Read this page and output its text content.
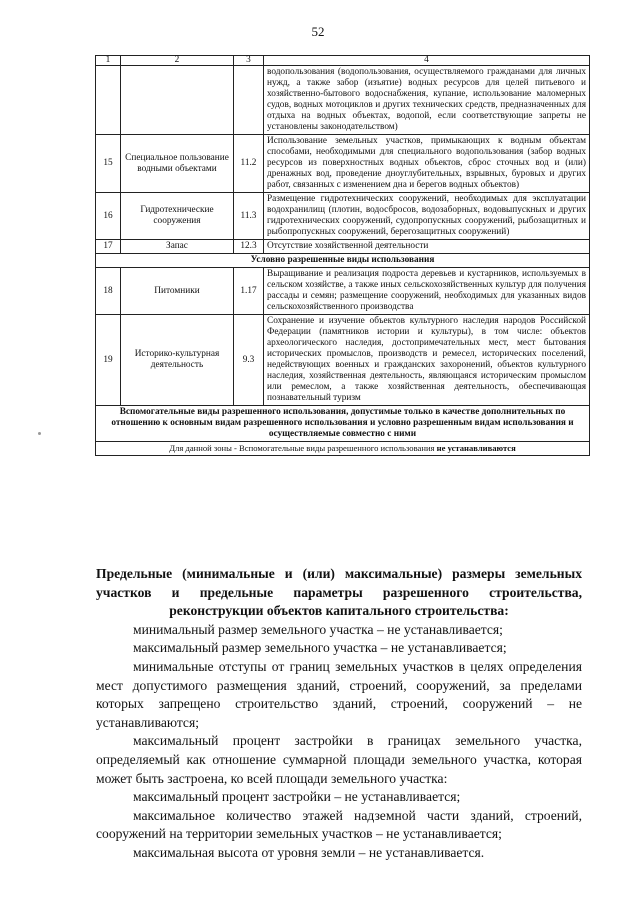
52
1	2	3	4
			водопользования (водопользования, осуществляемого гражданами для личных нужд, а также забор (изъятие) водных ресурсов для целей питьевого и хозяйственно-бытового водоснабжения, купание, использование маломерных судов, водных мотоциклов и других технических средств, предназначенных для отдыха на водных объектах, водопой, если соответствующие запреты не установлены законодательством)
15	Специальное пользование водными объектами	11.2	Использование земельных участков, примыкающих к водным объектам способами, необходимыми для специального водопользования (забор водных ресурсов из поверхностных водных объектов, сброс сточных вод и (или) дренажных вод, проведение дноуглубительных, взрывных, буровых и других работ, связанных с изменением дна и берегов водных объектов)
16	Гидротехнические сооружения	11.3	Размещение гидротехнических сооружений, необходимых для эксплуатации водохранилищ (плотин, водосбросов, водозаборных, водовыпускных и других гидротехнических сооружений, судопропускных сооружений, рыбозащитных и рыбопропускных сооружений, берегозащитных сооружений)
17	Запас	12.3	Отсутствие хозяйственной деятельности
Условно разрешенные виды использования			
18	Питомники	1.17	Выращивание и реализация подроста деревьев и кустарников, используемых в сельском хозяйстве, а также иных сельскохозяйственных культур для получения рассады и семян; размещение сооружений, необходимых для указанных видов сельскохозяйственного производства
19	Историко-культурная деятельность	9.3	Сохранение и изучение объектов культурного наследия народов Российской Федерации (памятников истории и культуры), в том числе: объектов археологического наследия, достопримечательных мест, мест бытования исторических промыслов, производств и ремесел, исторических поселений, недействующих военных и гражданских захоронений, объектов культурного наследия, хозяйственная деятельность, являющаяся историческим промыслом или ремеслом, а также хозяйственная деятельность, обеспечивающая познавательный туризм
Вспомогательные виды разрешенного использования, допустимые только в качестве дополнительных по отношению к основным видам разрешенного использования и условно разрешенным видам использования и осуществляемые совместно с ними			
Для данной зоны - Вспомогательные виды разрешенного использования не устанавливаются			

Предельные (минимальные и (или) максимальные) размеры земельных участков и предельные параметры разрешенного строительства, реконструкции объектов капитального строительства:

минимальный размер земельного участка – не устанавливается;

максимальный размер земельного участка – не устанавливается;

минимальные отступы от границ земельных участков в целях определения мест допустимого размещения зданий, строений, сооружений, за пределами которых запрещено строительство зданий, строений, сооружений – не устанавливаются;

максимальный процент застройки в границах земельного участка, определяемый как отношение суммарной площади земельного участка, которая может быть застроена, ко всей площади земельного участка:

максимальный процент застройки – не устанавливается;

максимальное количество этажей надземной части зданий, строений, сооружений на территории земельных участков – не устанавливается;

максимальная высота от уровня земли – не устанавливается.
